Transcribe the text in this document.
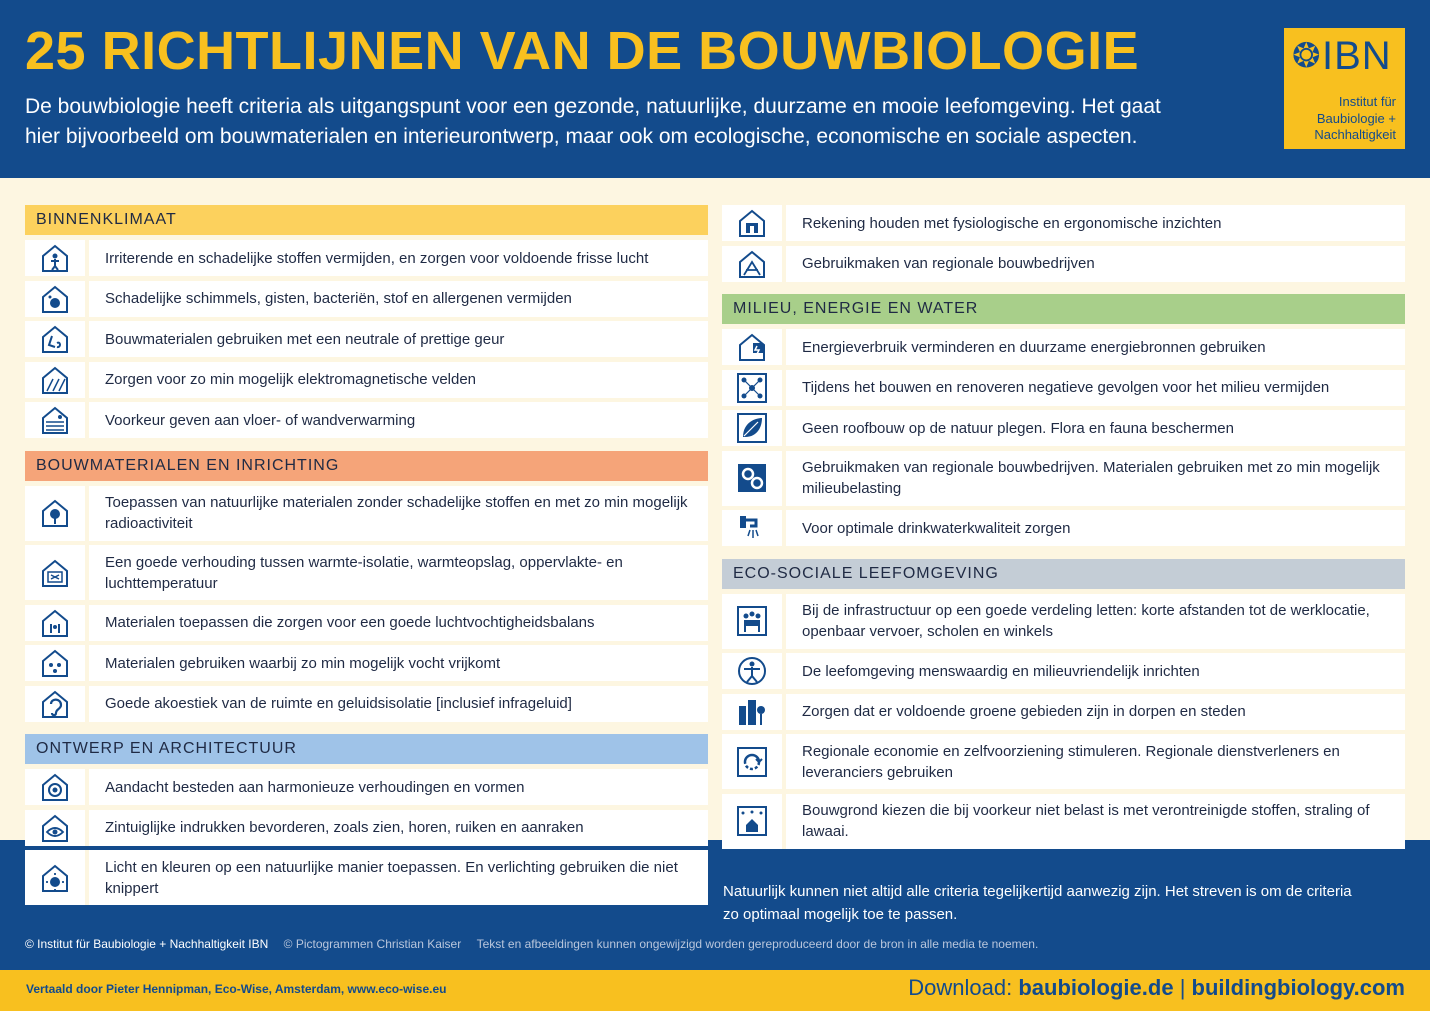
25 RICHTLIJNEN VAN DE BOUWBIOLOGIE
De bouwbiologie heeft criteria als uitgangspunt voor een gezonde, natuurlijke, duurzame en mooie leefomgeving. Het gaat hier bijvoorbeeld om bouwmaterialen en interieurontwerp, maar ook om ecologische, economische en sociale aspecten.
❂ IBN
Institut für
Baubiologie +
Nachhaltigkeit
BINNENKLIMAAT
Irriterende en schadelijke stoffen vermijden, en zorgen voor voldoende frisse lucht
Schadelijke schimmels, gisten, bacteriën, stof en allergenen vermijden
Bouwmaterialen gebruiken met een neutrale of prettige geur
Zorgen voor zo min mogelijk elektromagnetische velden
Voorkeur geven aan vloer- of wandverwarming
BOUWMATERIALEN EN INRICHTING
Toepassen van natuurlijke materialen zonder schadelijke stoffen en met zo min mogelijk radioactiviteit
Een goede verhouding tussen warmte-isolatie, warmteopslag, oppervlakte- en luchttemperatuur
Materialen toepassen die zorgen voor een goede luchtvochtigheidsbalans
Materialen gebruiken waarbij zo min mogelijk vocht vrijkomt
Goede akoestiek van de ruimte en geluidsisolatie [inclusief infrageluid]
ONTWERP EN ARCHITECTUUR
Aandacht besteden aan harmonieuze verhoudingen en vormen
Zintuiglijke indrukken bevorderen, zoals zien, horen, ruiken en aanraken
Licht en kleuren op een natuurlijke manier toepassen. En verlichting gebruiken die niet knippert
Rekening houden met fysiologische en ergonomische inzichten
Gebruikmaken van regionale bouwbedrijven
MILIEU, ENERGIE EN WATER
Energieverbruik verminderen en duurzame energiebronnen gebruiken
Tijdens het bouwen en renoveren negatieve gevolgen voor het milieu vermijden
Geen roofbouw op de natuur plegen. Flora en fauna beschermen
Gebruikmaken van regionale bouwbedrijven. Materialen gebruiken met zo min mogelijk milieubelasting
Voor optimale drinkwaterkwaliteit zorgen
ECO-SOCIALE LEEFOMGEVING
Bij de infrastructuur op een goede verdeling letten: korte afstanden tot de werklocatie, openbaar vervoer, scholen en winkels
De leefomgeving menswaardig en milieuvriendelijk inrichten
Zorgen dat er voldoende groene gebieden zijn in dorpen en steden
Regionale economie en zelfvoorziening stimuleren. Regionale dienstverleners en leveranciers gebruiken
Bouwgrond kiezen die bij voorkeur niet belast is met verontreinigde stoffen, straling of lawaai.
Natuurlijk kunnen niet altijd alle criteria tegelijkertijd aanwezig zijn. Het streven is om de criteria zo optimaal mogelijk toe te passen.
© Institut für Baubiologie + Nachhaltigkeit IBN © Pictogrammen Christian Kaiser Tekst en afbeeldingen kunnen ongewijzigd worden gereproduceerd door de bron in alle media te noemen.
Vertaald door Pieter Hennipman, Eco-Wise, Amsterdam, www.eco-wise.eu	Download: baubiologie.de | buildingbiology.com
